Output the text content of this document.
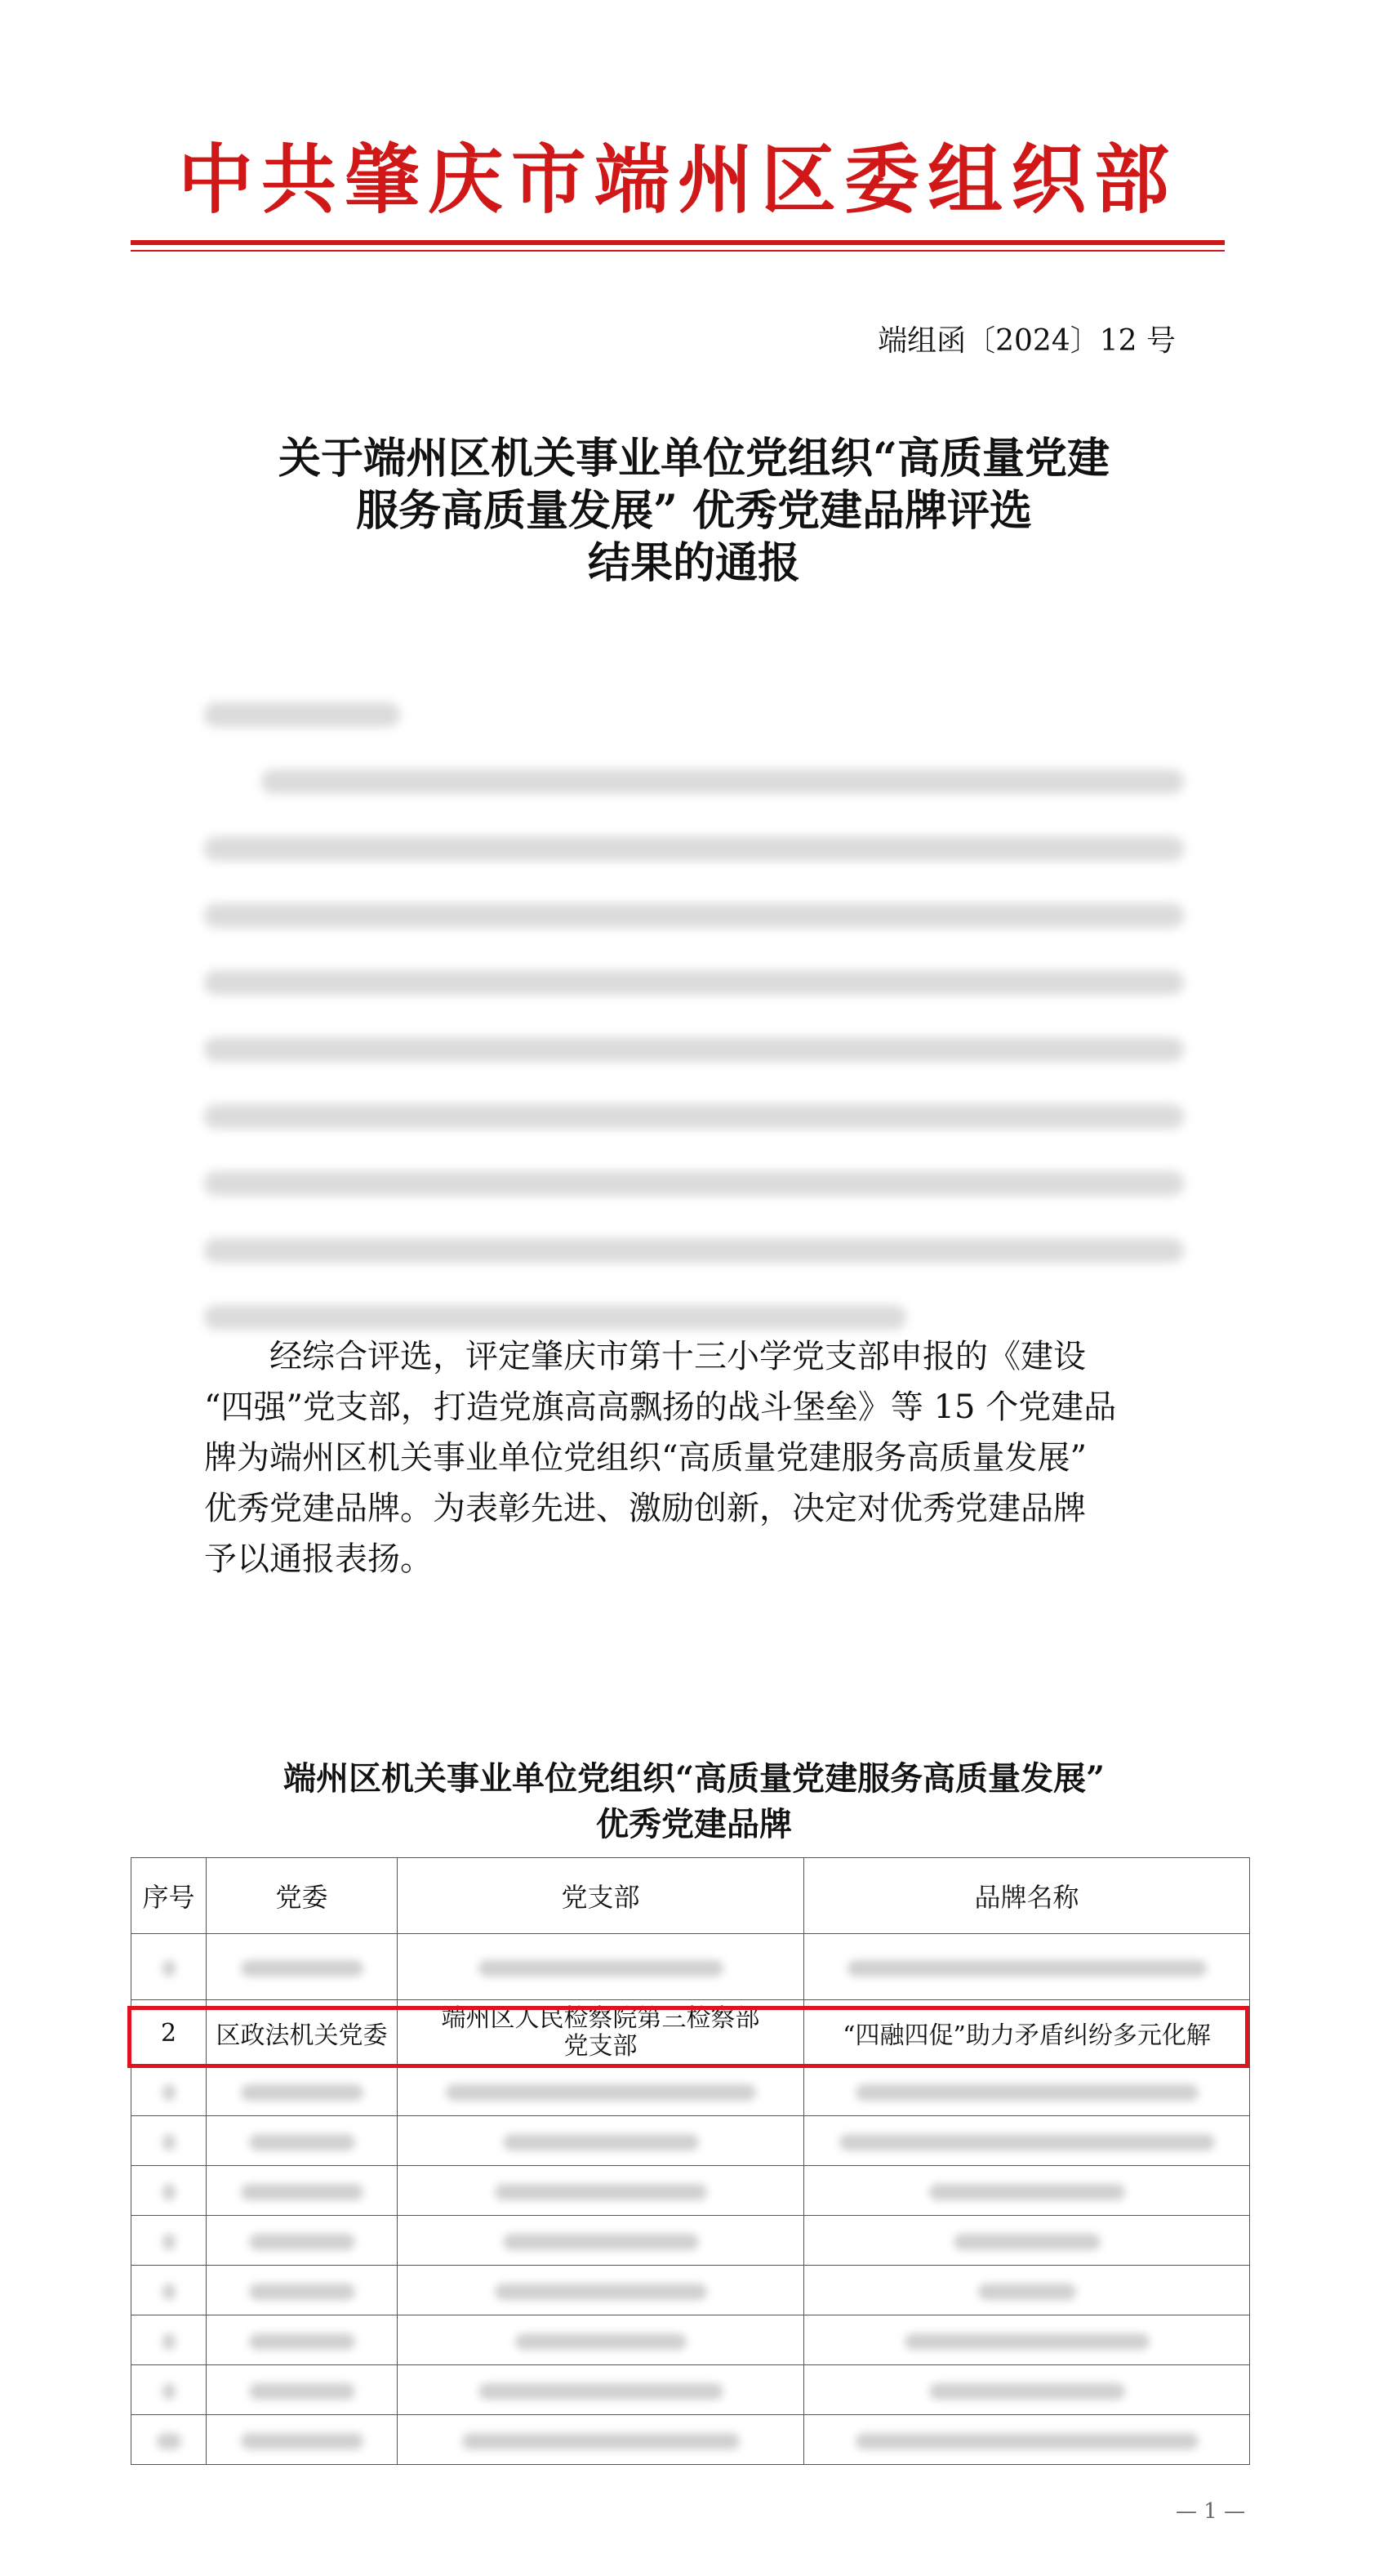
中共肇庆市端州区委组织部
端组函〔2024〕12 号
关于端州区机关事业单位党组织“高质量党建
服务高质量发展” 优秀党建品牌评选
结果的通报
经综合评选，评定肇庆市第十三小学党支部申报的《建设
“四强”党支部，打造党旗高高飘扬的战斗堡垒》等 15 个党建品
牌为端州区机关事业单位党组织“高质量党建服务高质量发展”
优秀党建品牌。为表彰先进、激励创新，决定对优秀党建品牌
予以通报表扬。
端州区机关事业单位党组织“高质量党建服务高质量发展”
优秀党建品牌
序号	党委	党支部	品牌名称

2	区政法机关党委	端州区人民检察院第三检察部
党支部	“四融四促”助力矛盾纠纷多元化解

— 1 —
